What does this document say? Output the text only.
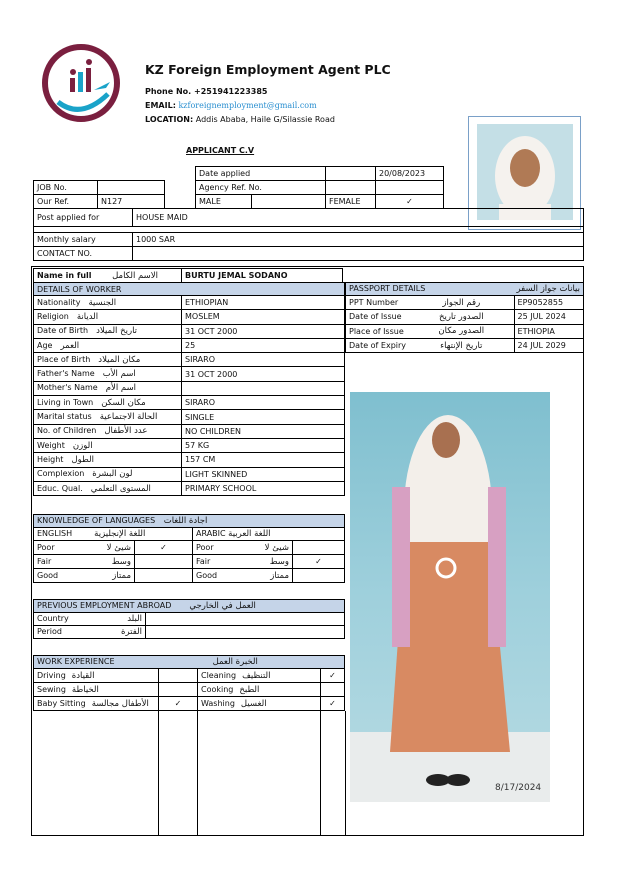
KZ Foreign Employment Agent PLC
Phone No. +251941223385
EMAIL: kzforeignemployment@gmail.com
LOCATION: Addis Ababa, Haile G/Silassie Road
APPLICANT C.V
Date applied		20/08/2023
Agency Ref. No.		
JOB No.	
Our Ref.	N127	MALE		FEMALE	✓
Post applied for	HOUSE MAID

Monthly salary	1000 SAR
CONTACT NO.	
Name in full الاسم الكامل	BURTU JEMAL SODANO
DETAILS OF WORKER	
Nationality الجنسية	ETHIOPIAN
Religion الديانة	MOSLEM
Date of Birth تاريخ الميلاد	31 OCT 2000
Age العمر	25
Place of Birth مكان الميلاد	SIRARO
Father's Name اسم الأب	31 OCT 2000
Mother's Name اسم الأم	
Living in Town مكان السكن	SIRARO
Marital status الحالة الاجتماعية	SINGLE
No. of Children عدد الأطفال	NO CHILDREN
Weight الوزن	57 KG
Height الطول	157 CM
Complexion لون البشرة	LIGHT SKINNED
Educ. Qual. المستوى التعلمي	PRIMARY SCHOOL
PASSPORT DETAILS بيانات جواز السفر		

PPT Number	رقم الجواز	EP9052855
Date of Issue	الصدور تاريخ	25 JUL 2024
Place of Issue	الصدور مكان	ETHIOPIA
Date of Expiry	تاريخ الإنتهاء	24 JUL 2029
8/17/2024
KNOWLEDGE OF LANGUAGES اجادة اللغات			
ENGLISH اللغة الإنجليزية		ARABIC اللغة العربية	
Poor شيئ لا	✓	Poor شيئ لا	

Fair وسط		Fair وسط	✓
Good ممتاز		Good ممتاز	

PREVIOUS EMPLOYMENT ABROAD العمل في الخارجي	
Country البلد	

Period الفترة	

WORK EXPERIENCE الخبرة العمل			
Driving القيادة		Cleaning التنظيف	✓
Sewing الخياطة		Cooking الطبخ	
Baby Sitting الأطفال مجالسة	✓	Washing الغسيل	✓
